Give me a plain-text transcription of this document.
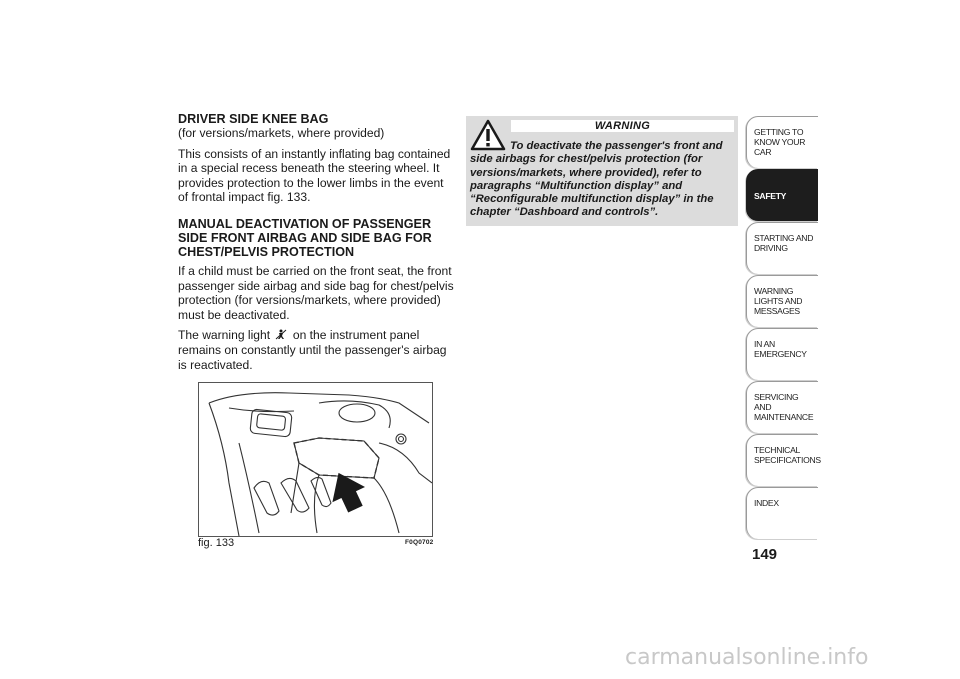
DRIVER SIDE KNEE BAG

(for versions/markets, where provided)

This consists of an instantly inflating bag contained in a special recess beneath the steering wheel. It provides protection to the lower limbs in the event of frontal impact fig. 133.

MANUAL DEACTIVATION OF PASSENGER SIDE FRONT AIRBAG AND SIDE BAG FOR CHEST/PELVIS PROTECTION

If a child must be carried on the front seat, the front passenger side airbag and side bag for chest/pelvis protection (for versions/markets, where provided) must be deactivated.

The warning light on the instrument panel remains on constantly until the passenger's airbag is reactivated.

fig. 133	F0Q0702
WARNING
To deactivate the passenger's front and side airbags for chest/pelvis protection (for versions/markets, where provided), refer to paragraphs “Multifunction display” and “Reconfigurable multifunction display” in the chapter “Dashboard and controls”.
GETTING TO KNOW YOUR CAR
SAFETY
STARTING AND DRIVING
WARNING LIGHTS AND MESSAGES
IN AN EMERGENCY
SERVICING AND MAINTENANCE
TECHNICAL SPECIFICATIONS
INDEX
149
carmanualsonline.info
